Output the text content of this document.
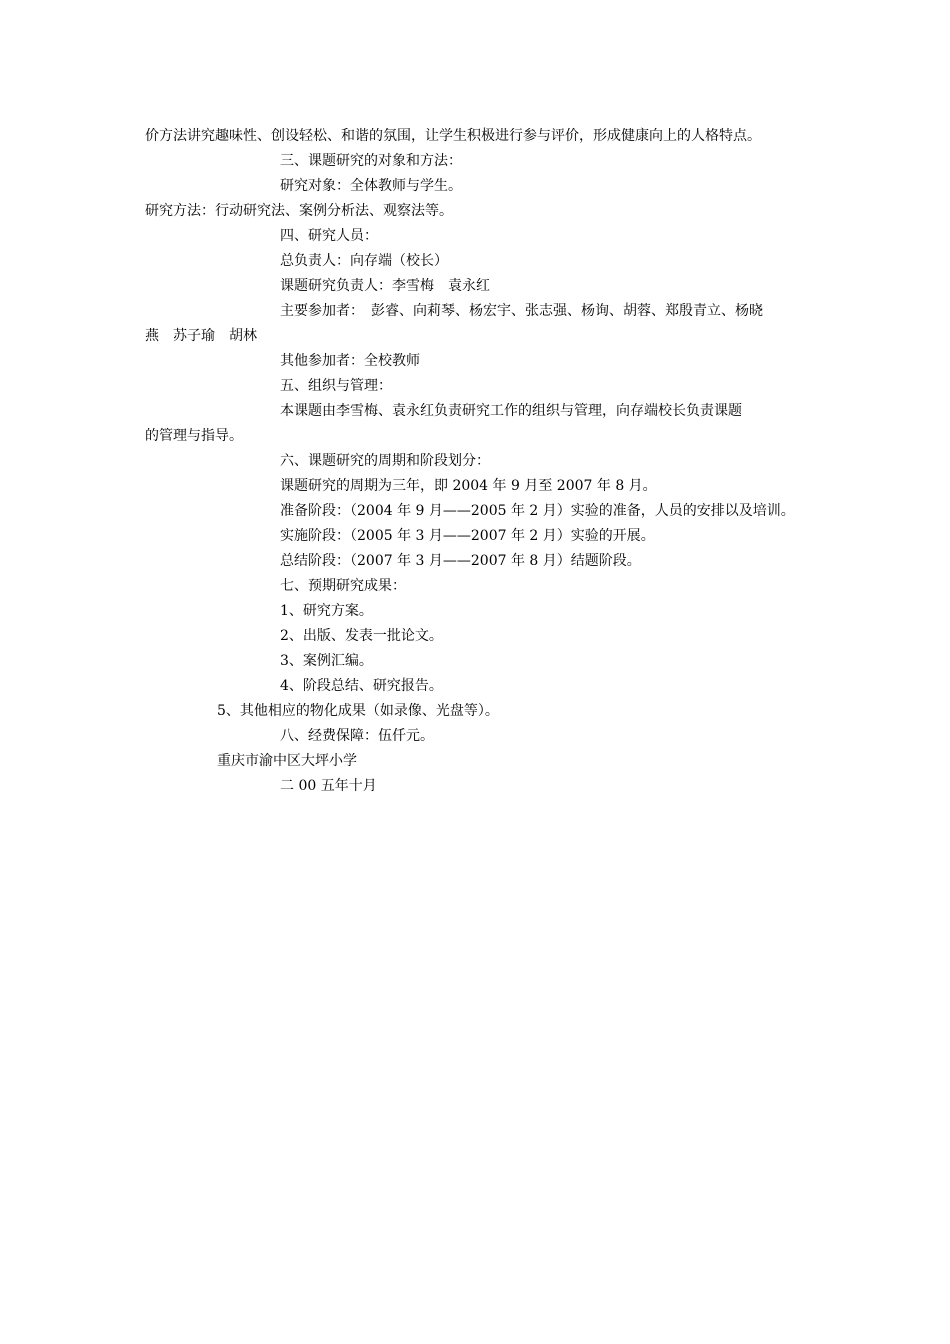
价方法讲究趣味性、创设轻松、和谐的氛围，让学生积极进行参与评价，形成健康向上的人格特点。
三、课题研究的对象和方法：
研究对象：全体教师与学生。
研究方法：行动研究法、案例分析法、观察法等。
四、研究人员：
总负责人：向存端（校长）
课题研究负责人：李雪梅　袁永红
主要参加者：　彭睿、向莉琴、杨宏宇、张志强、杨询、胡蓉、郑殷青立、杨晓
燕　苏子瑜　胡林
其他参加者：全校教师
五、组织与管理：
本课题由李雪梅、袁永红负责研究工作的组织与管理，向存端校长负责课题
的管理与指导。
六、课题研究的周期和阶段划分：
课题研究的周期为三年，即 2004 年 9 月至 2007 年 8 月。
准备阶段：（2004 年 9 月——2005 年 2 月）实验的准备，人员的安排以及培训。
实施阶段：（2005 年 3 月——2007 年 2 月）实验的开展。
总结阶段：（2007 年 3 月——2007 年 8 月）结题阶段。
七、预期研究成果：
1、研究方案。
2、出版、发表一批论文。
3、案例汇编。
4、阶段总结、研究报告。
5、其他相应的物化成果（如录像、光盘等）。
八、经费保障：伍仟元。
重庆市渝中区大坪小学
二 00 五年十月
